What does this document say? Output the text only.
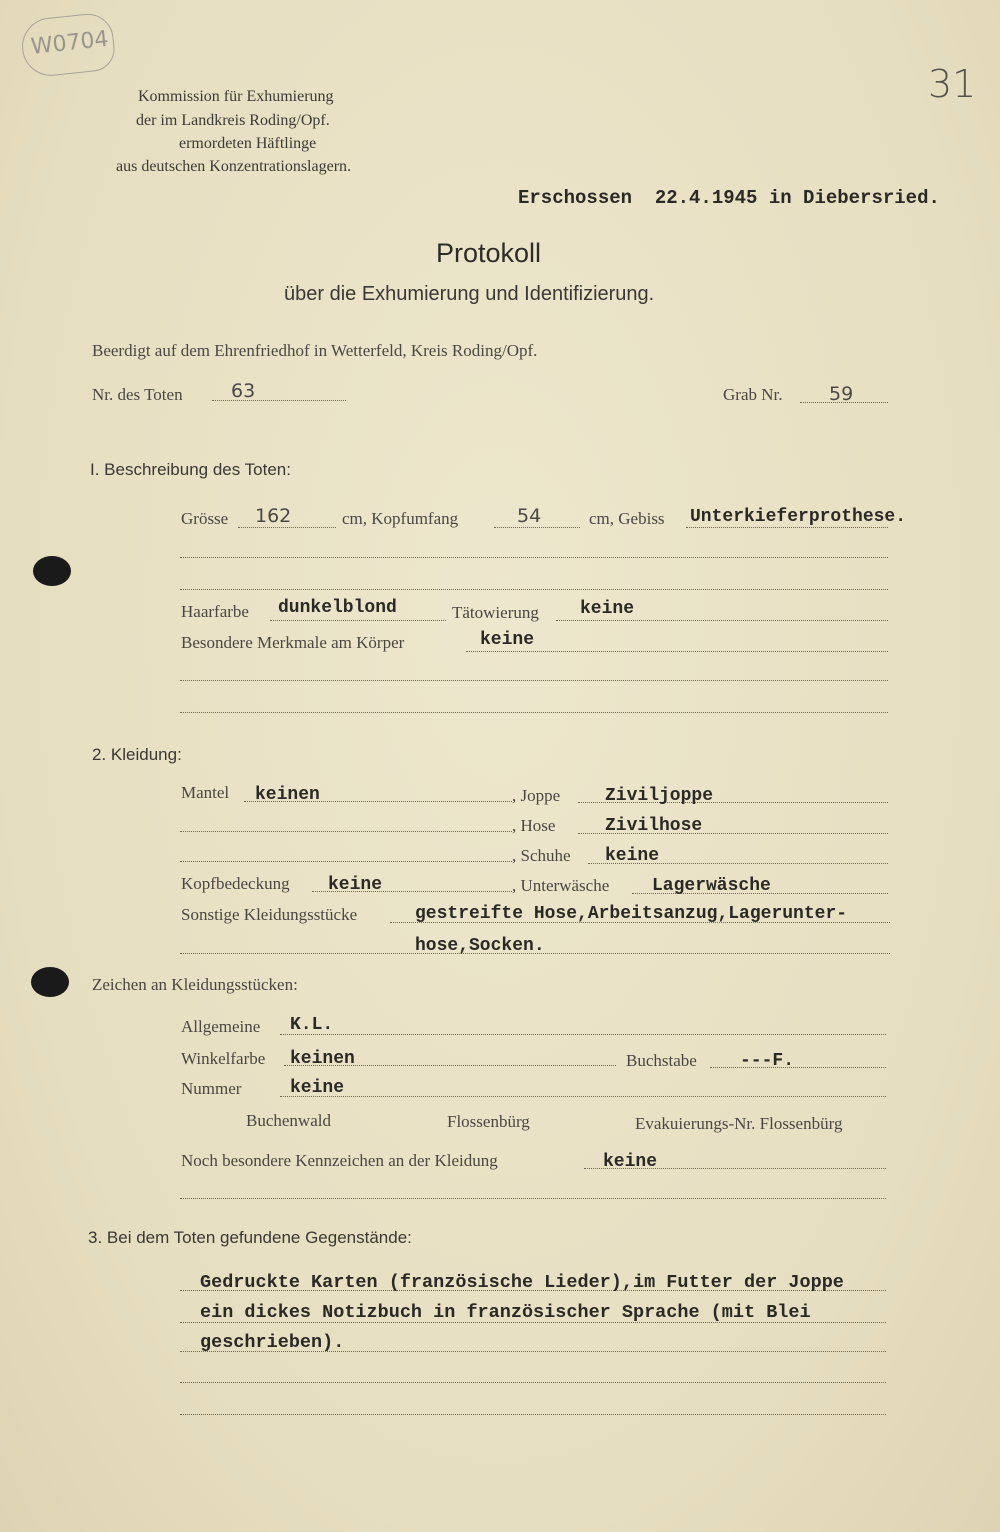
W0704
31
Kommission für Exhumierung
der im Landkreis Roding/Opf.
ermordeten Häftlinge
aus deutschen Konzentrationslagern.
Erschossen  22.4.1945 in Diebersried.
Protokoll
über die Exhumierung und Identifizierung.
Beerdigt auf dem Ehrenfriedhof in Wetterfeld, Kreis Roding/Opf.
Nr. des Toten	63	Grab Nr. 59
I. Beschreibung des Toten:
Grösse 162	cm, Kopfumfang	54	cm, Gebiss Unterkieferprothese.
Haarfarbe dunkelblond	Tätowierung keine
Besondere Merkmale am Körper	keine
2. Kleidung:
Mantel keinen	, Joppe Ziviljoppe
, Hose	Zivilhose
, Schuhe keine
Kopfbedeckung keine	, Unterwäsche Lagerwäsche
Sonstige Kleidungsstücke	gestreifte Hose,Arbeitsanzug,Lagerunter-
hose,Socken.
Zeichen an Kleidungsstücken:
Allgemeine K.L.
Winkelfarbe keinen	Buchstabe ---F.
Nummer	keine
Buchenwald	Flossenbürg	Evakuierungs-Nr. Flossenbürg
Noch besondere Kennzeichen an der Kleidung	keine
3. Bei dem Toten gefundene Gegenstände:
Gedruckte Karten (französische Lieder),im Futter der Joppe
ein dickes Notizbuch in französischer Sprache (mit Blei
geschrieben).
